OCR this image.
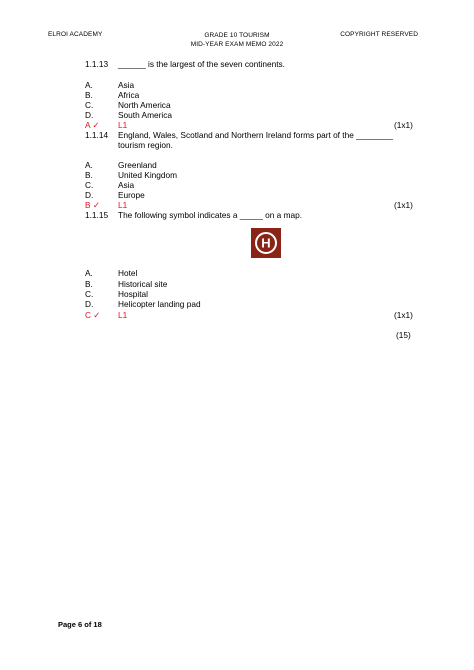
ELROI ACADEMY	GRADE 10 TOURISM
MID-YEAR EXAM MEMO 2022
COPYRIGHT RESERVED
1.1.13 ______ is the largest of the seven continents.
A.	Asia
B.	Africa
C.	North America
D.	South America
A ✓ L1	(1x1)
1.1.14 England, Wales, Scotland and Northern Ireland forms part of the ________
tourism region.
A.	Greenland
B.	United Kingdom
C.	Asia
D.	Europe
B ✓ L1	(1x1)
1.1.15 The following symbol indicates a _____ on a map.
H
A.	Hotel
B.	Historical site
C.	Hospital
D.	Helicopter landing pad
C ✓ L1	(1x1)
(15)
Page 6 of 18
